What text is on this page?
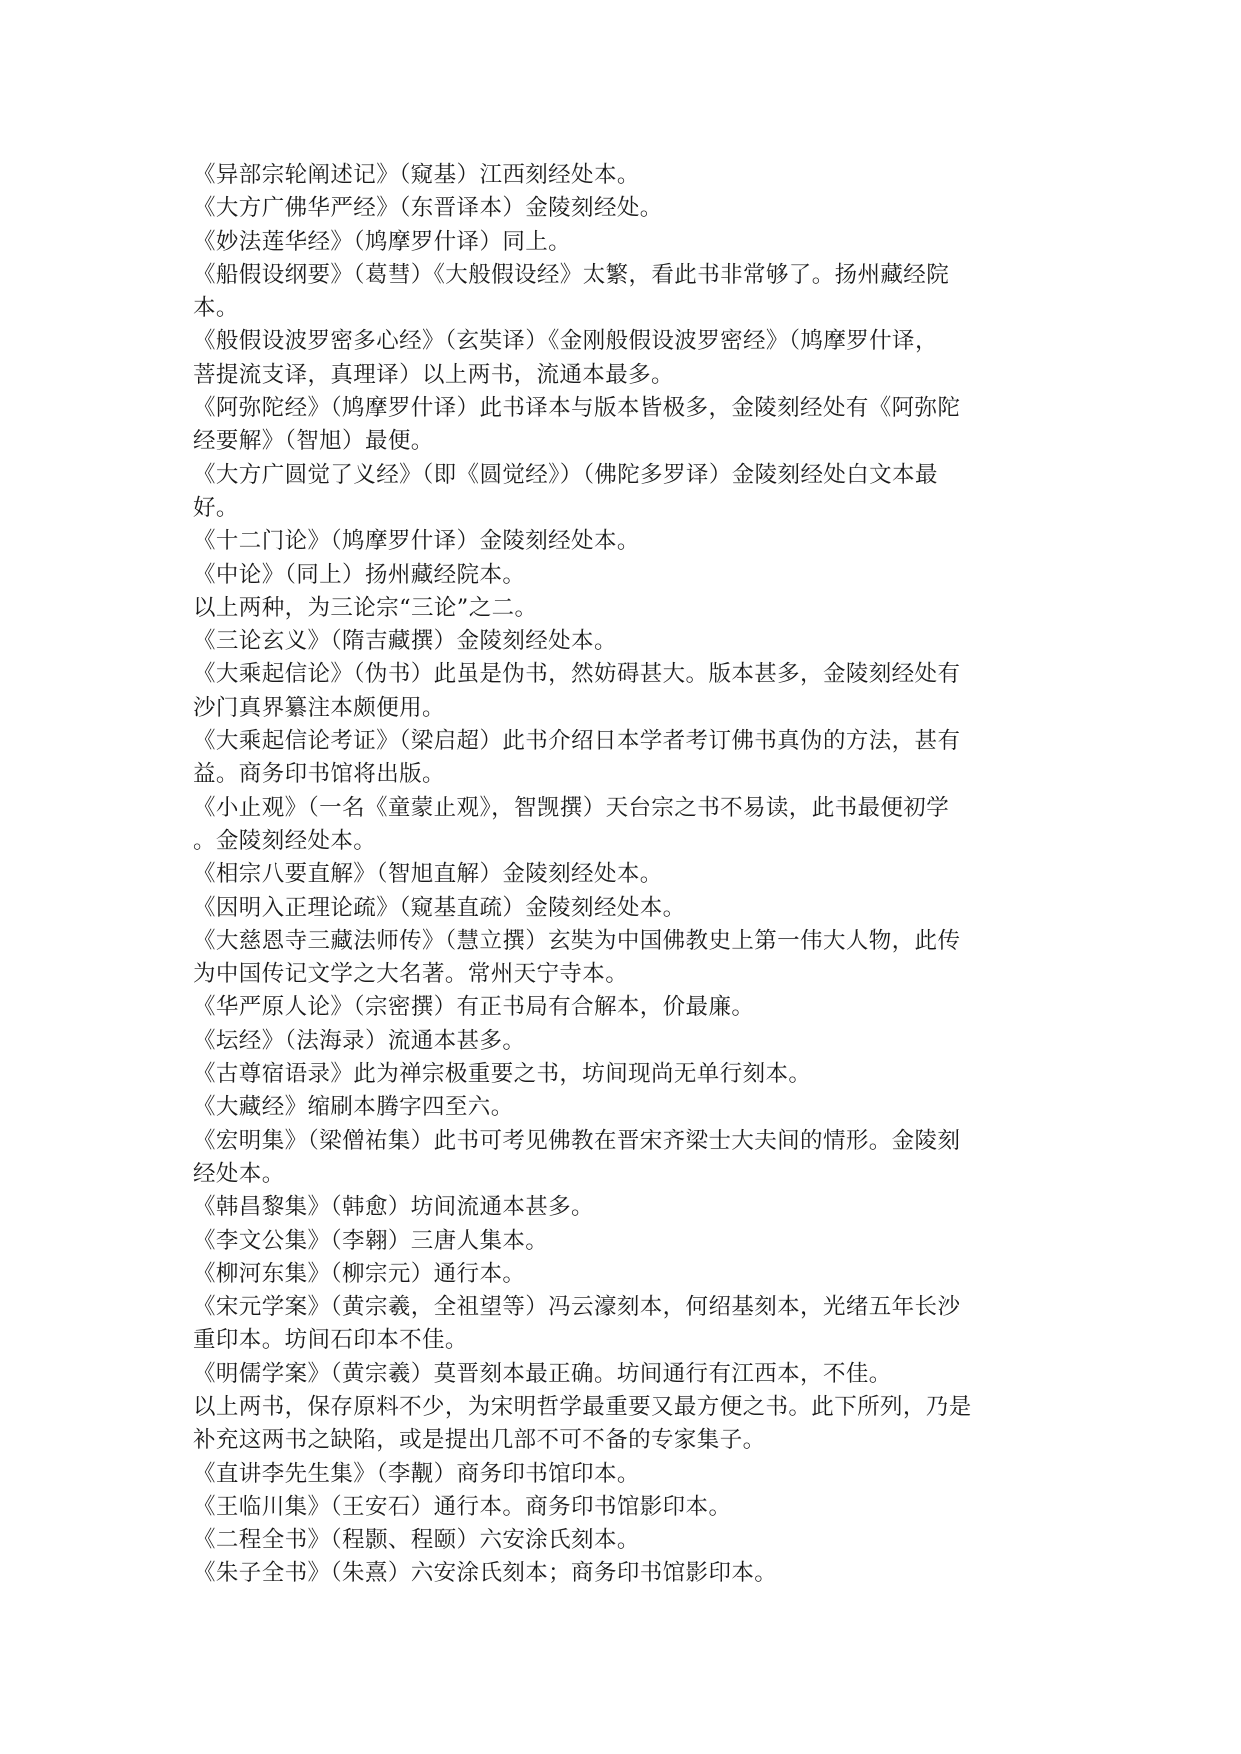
《异部宗轮阐述记》（窥基）江西刻经处本。

《大方广佛华严经》（东晋译本）金陵刻经处。

《妙法莲华经》（鸠摩罗什译）同上。

《船假设纲要》（葛彗）《大般假设经》太繁，看此书非常够了。扬州藏经院

本。

《般假设波罗密多心经》（玄奘译）《金刚般假设波罗密经》（鸠摩罗什译，

菩提流支译，真理译）以上两书，流通本最多。

《阿弥陀经》（鸠摩罗什译）此书译本与版本皆极多，金陵刻经处有《阿弥陀

经要解》（智旭）最便。

《大方广圆觉了义经》（即《圆觉经》）（佛陀多罗译）金陵刻经处白文本最

好。

《十二门论》（鸠摩罗什译）金陵刻经处本。

《中论》（同上）扬州藏经院本。

以上两种，为三论宗“三论”之二。

《三论玄义》（隋吉藏撰）金陵刻经处本。

《大乘起信论》（伪书）此虽是伪书，然妨碍甚大。版本甚多，金陵刻经处有

沙门真界纂注本颇便用。

《大乘起信论考证》（梁启超）此书介绍日本学者考订佛书真伪的方法，甚有

益。商务印书馆将出版。

《小止观》（一名《童蒙止观》，智觊撰）天台宗之书不易读，此书最便初学

。金陵刻经处本。

《相宗八要直解》（智旭直解）金陵刻经处本。

《因明入正理论疏》（窥基直疏）金陵刻经处本。

《大慈恩寺三藏法师传》（慧立撰）玄奘为中国佛教史上第一伟大人物，此传

为中国传记文学之大名著。常州天宁寺本。

《华严原人论》（宗密撰）有正书局有合解本，价最廉。

《坛经》（法海录）流通本甚多。

《古尊宿语录》此为禅宗极重要之书，坊间现尚无单行刻本。

《大藏经》缩刷本腾字四至六。

《宏明集》（梁僧祐集）此书可考见佛教在晋宋齐梁士大夫间的情形。金陵刻

经处本。

《韩昌黎集》（韩愈）坊间流通本甚多。

《李文公集》（李翱）三唐人集本。

《柳河东集》（柳宗元）通行本。

《宋元学案》（黄宗羲，全祖望等）冯云濠刻本，何绍基刻本，光绪五年长沙

重印本。坊间石印本不佳。

《明儒学案》（黄宗羲）莫晋刻本最正确。坊间通行有江西本，不佳。

以上两书，保存原料不少，为宋明哲学最重要又最方便之书。此下所列，乃是

补充这两书之缺陷，或是提出几部不可不备的专家集子。

《直讲李先生集》（李觏）商务印书馆印本。

《王临川集》（王安石）通行本。商务印书馆影印本。

《二程全书》（程颢、程颐）六安涂氏刻本。

《朱子全书》（朱熹）六安涂氏刻本；商务印书馆影印本。
